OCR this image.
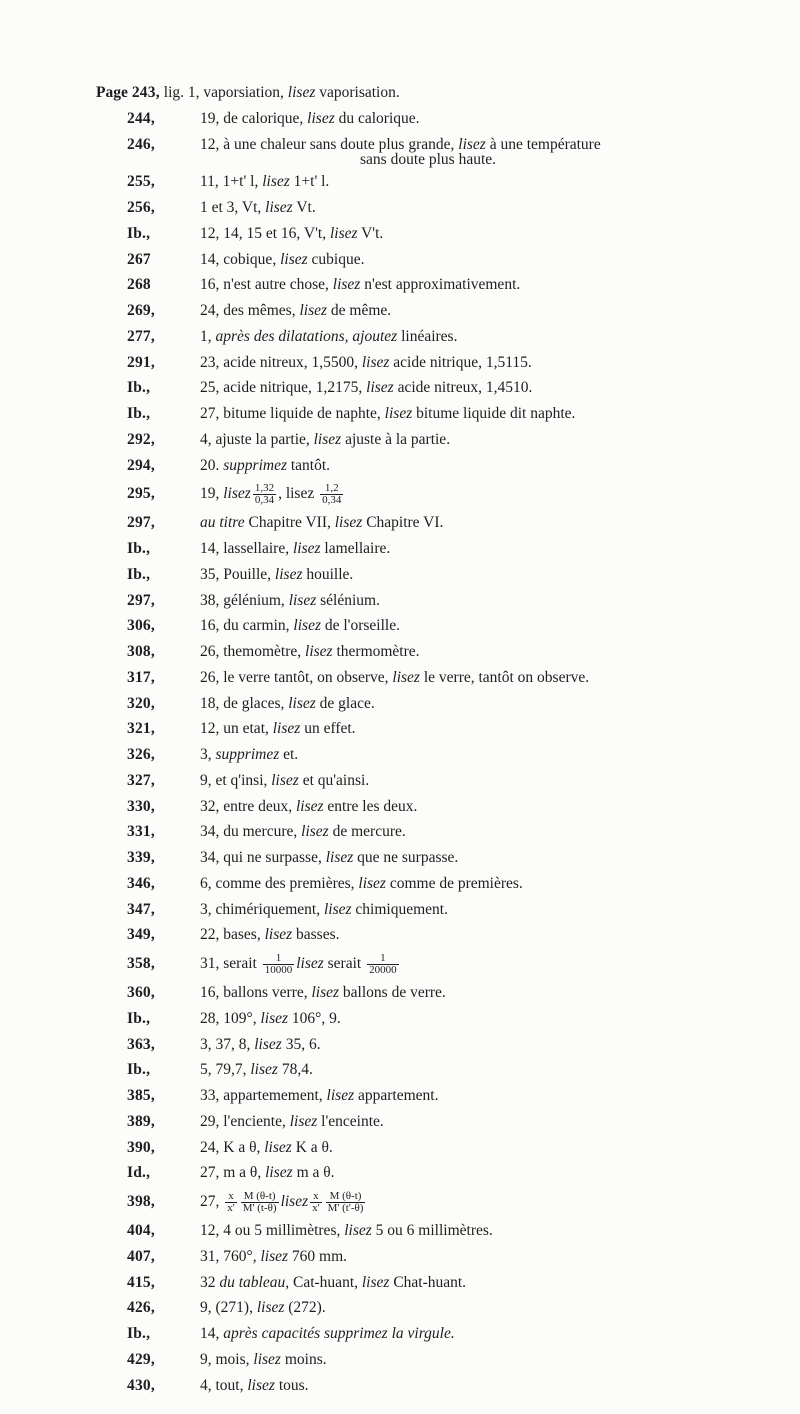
Page 243, lig. 1, vaporsiation, lisez vaporisation.
244,	19, de calorique, lisez du calorique.
246,	12, à une chaleur sans doute plus grande, lisez à une température
sans doute plus haute.
255,	11, 1+t' l, lisez 1+t' l.
256,	1 et 3, Vt, lisez Vt.
Ib.,	12, 14, 15 et 16, V't, lisez V't.
267	14, cobique, lisez cubique.
268	16, n'est autre chose, lisez n'est approximativement.
269,	24, des mêmes, lisez de même.
277,	1, après des dilatations, ajoutez linéaires.
291,	23, acide nitreux, 1,5500, lisez acide nitrique, 1,5115.
Ib.,	25, acide nitrique, 1,2175, lisez acide nitreux, 1,4510.
Ib.,	27, bitume liquide de naphte, lisez bitume liquide dit naphte.
292,	4, ajuste la partie, lisez ajuste à la partie.
294,	20. supprimez tantôt.
295,	19, lisez $\frac{1,32}{0,34}$ , lisez $\frac{1,2}{0,34}$
297,	au titre Chapitre VII, lisez Chapitre VI.
Ib.,	14, lassellaire, lisez lamellaire.
Ib.,	35, Pouille, lisez houille.
297,	38, gélénium, lisez sélénium.
306,	16, du carmin, lisez de l'orseille.
308,	26, themomètre, lisez thermomètre.
317,	26, le verre tantôt, on observe, lisez le verre, tantôt on observe.
320,	18, de glaces, lisez de glace.
321,	12, un etat, lisez un effet.
326,	3, supprimez et.
327,	9, et q'insi, lisez et qu'ainsi.
330,	32, entre deux, lisez entre les deux.
331,	34, du mercure, lisez de mercure.
339,	34, qui ne surpasse, lisez que ne surpasse.
346,	6, comme des premières, lisez comme de premières.
347,	3, chimériquement, lisez chimiquement.
349,	22, bases, lisez basses.
358,	31, serait $\frac{1}{10000}$ lisez serait $\frac{1}{20000}$
360,	16, ballons verre, lisez ballons de verre.
Ib.,	28, 109°, lisez 106°, 9.
363,	3, 37, 8, lisez 35, 6.
Ib.,	5, 79,7, lisez 78,4.
385,	33, appartemement, lisez appartement.
389,	29, l'enciente, lisez l'enceinte.
390,	24, K a θ, lisez K a θ.
Id.,	27, m a θ, lisez m a θ.
398,	27, $\frac{x}{x'} \frac{M (\theta-t)}{M' (t-\theta)}$ lisez $\frac{x}{x'} \frac{M (\theta-t)}{M' (t'-\theta)}$
404,	12, 4 ou 5 millimètres, lisez 5 ou 6 millimètres.
407,	31, 760°, lisez 760 mm.
415,	32 du tableau, Cat-huant, lisez Chat-huant.
426,	9, (271), lisez (272).
Ib.,	14, après capacités supprimez la virgule.
429,	9, mois, lisez moins.
430,	4, tout, lisez tous.
